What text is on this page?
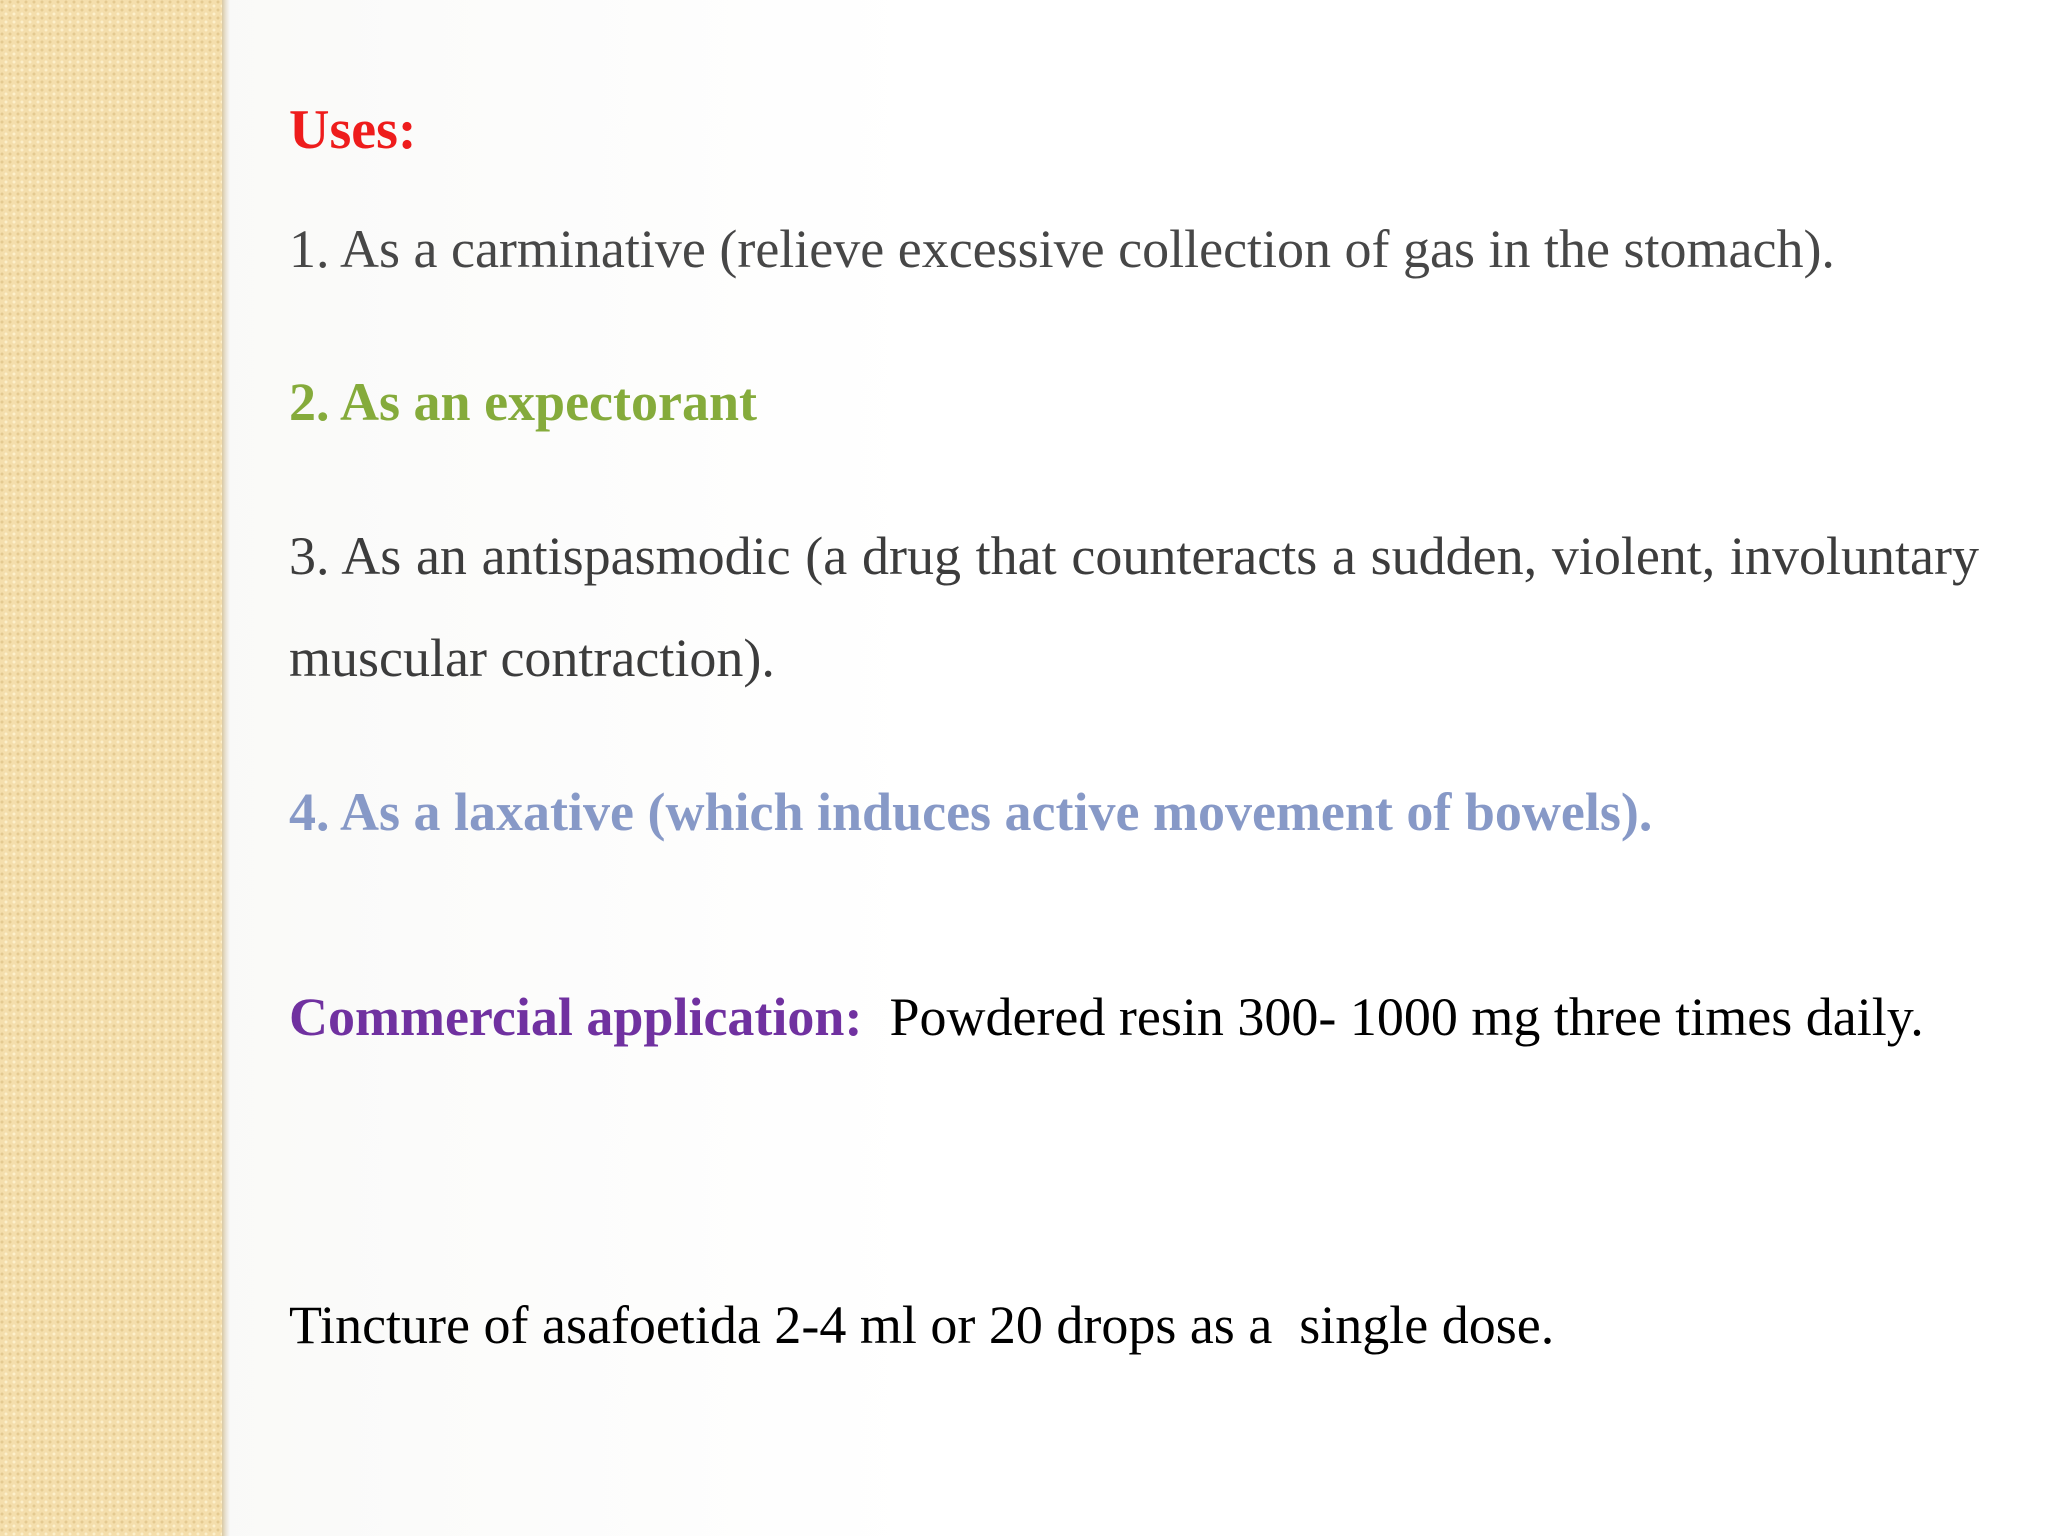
Uses:

1. As a carminative (relieve excessive collection of gas in the stomach).

2. As an expectorant

3. As an antispasmodic (a drug that counteracts a sudden, violent, involuntary muscular contraction).

4. As a laxative (which induces active movement of bowels).

Commercial application: Powdered resin 300- 1000 mg three times daily.

Tincture of asafoetida 2-4 ml or 20 drops as a  single dose.
